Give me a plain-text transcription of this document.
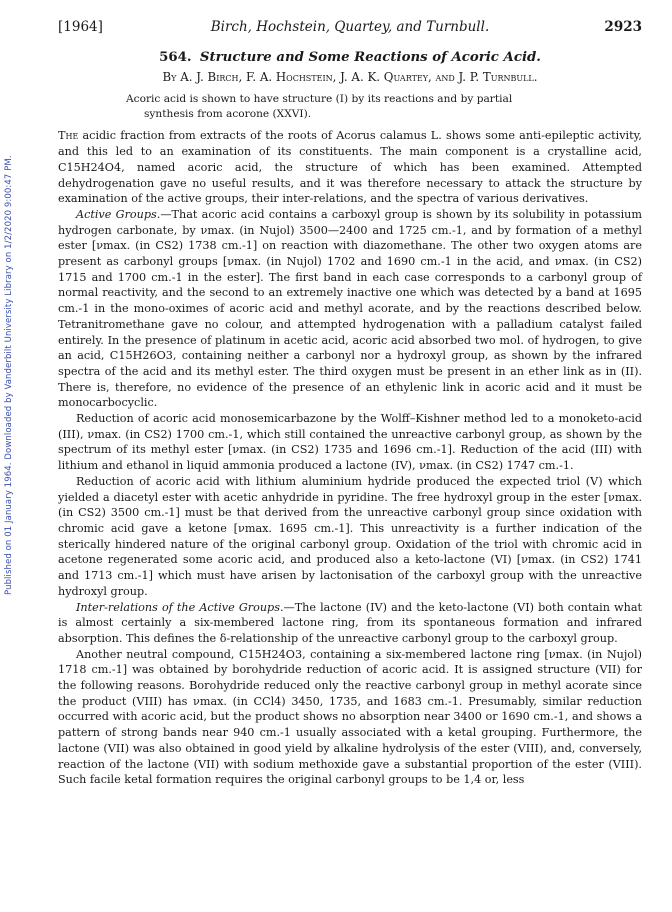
Published on 01 January 1964. Downloaded by Vanderbilt University Library on 1/2/2020 9:00:47 PM.
[1964]	Birch, Hochstein, Quartey, and Turnbull.	2923
564. Structure and Some Reactions of Acoric Acid.
By A. J. Birch, F. A. Hochstein, J. A. K. Quartey, and J. P. Turnbull.
Acoric acid is shown to have structure (I) by its reactions and by partial
synthesis from acorone (XXVI).

The acidic fraction from extracts of the roots of Acorus calamus L. shows some anti-epileptic activity, and this led to an examination of its constituents. The main component is a crystalline acid, C15H24O4, named acoric acid, the structure of which has been examined. Attempted dehydrogenation gave no useful results, and it was therefore necessary to attack the structure by examination of the active groups, their inter-relations, and the spectra of various derivatives.

Active Groups.—That acoric acid contains a carboxyl group is shown by its solubility in potassium hydrogen carbonate, by νmax. (in Nujol) 3500—2400 and 1725 cm.-1, and by formation of a methyl ester [νmax. (in CS2) 1738 cm.-1] on reaction with diazomethane. The other two oxygen atoms are present as carbonyl groups [νmax. (in Nujol) 1702 and 1690 cm.-1 in the acid, and νmax. (in CS2) 1715 and 1700 cm.-1 in the ester]. The first band in each case corresponds to a carbonyl group of normal reactivity, and the second to an extremely inactive one which was detected by a band at 1695 cm.-1 in the mono-oximes of acoric acid and methyl acorate, and by the reactions described below. Tetranitromethane gave no colour, and attempted hydrogenation with a palladium catalyst failed entirely. In the presence of platinum in acetic acid, acoric acid absorbed two mol. of hydrogen, to give an acid, C15H26O3, containing neither a carbonyl nor a hydroxyl group, as shown by the infrared spectra of the acid and its methyl ester. The third oxygen must be present in an ether link as in (II). There is, therefore, no evidence of the presence of an ethylenic link in acoric acid and it must be monocarbocyclic.

Reduction of acoric acid monosemicarbazone by the Wolff–Kishner method led to a monoketo-acid (III), νmax. (in CS2) 1700 cm.-1, which still contained the unreactive carbonyl group, as shown by the spectrum of its methyl ester [νmax. (in CS2) 1735 and 1696 cm.-1]. Reduction of the acid (III) with lithium and ethanol in liquid ammonia produced a lactone (IV), νmax. (in CS2) 1747 cm.-1.

Reduction of acoric acid with lithium aluminium hydride produced the expected triol (V) which yielded a diacetyl ester with acetic anhydride in pyridine. The free hydroxyl group in the ester [νmax. (in CS2) 3500 cm.-1] must be that derived from the unreactive carbonyl group since oxidation with chromic acid gave a ketone [νmax. 1695 cm.-1]. This unreactivity is a further indication of the sterically hindered nature of the original carbonyl group. Oxidation of the triol with chromic acid in acetone regenerated some acoric acid, and produced also a keto-lactone (VI) [νmax. (in CS2) 1741 and 1713 cm.-1] which must have arisen by lactonisation of the carboxyl group with the unreactive hydroxyl group.

Inter-relations of the Active Groups.—The lactone (IV) and the keto-lactone (VI) both contain what is almost certainly a six-membered lactone ring, from its spontaneous formation and infrared absorption. This defines the δ-relationship of the unreactive carbonyl group to the carboxyl group.

Another neutral compound, C15H24O3, containing a six-membered lactone ring [νmax. (in Nujol) 1718 cm.-1] was obtained by borohydride reduction of acoric acid. It is assigned structure (VII) for the following reasons. Borohydride reduced only the reactive carbonyl group in methyl acorate since the product (VIII) has νmax. (in CCl4) 3450, 1735, and 1683 cm.-1. Presumably, similar reduction occurred with acoric acid, but the product shows no absorption near 3400 or 1690 cm.-1, and shows a pattern of strong bands near 940 cm.-1 usually associated with a ketal grouping. Furthermore, the lactone (VII) was also obtained in good yield by alkaline hydrolysis of the ester (VIII), and, conversely, reaction of the lactone (VII) with sodium methoxide gave a substantial proportion of the ester (VIII). Such facile ketal formation requires the original carbonyl groups to be 1,4 or, less
